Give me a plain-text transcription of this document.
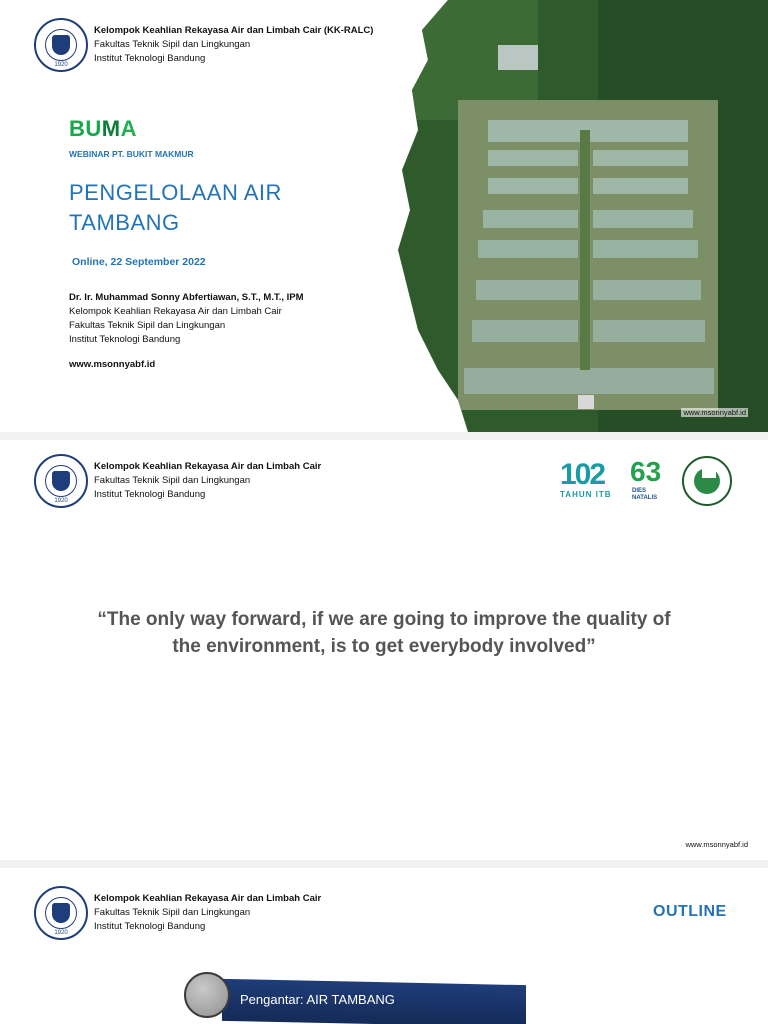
1920
Kelompok Keahlian Rekayasa Air dan Limbah Cair (KK-RALC)
Fakultas Teknik Sipil dan Lingkungan
Institut Teknologi Bandung
BUMA
WEBINAR PT. BUKIT MAKMUR
PENGELOLAAN AIR TAMBANG
Online, 22 September 2022
Dr. Ir. Muhammad Sonny Abfertiawan, S.T., M.T., IPM
Kelompok Keahlian Rekayasa Air dan Limbah Cair
Fakultas Teknik Sipil dan Lingkungan
Institut Teknologi Bandung
www.msonnyabf.id
www.msonnyabf.id
1920
Kelompok Keahlian Rekayasa Air dan Limbah Cair
Fakultas Teknik Sipil dan Lingkungan
Institut Teknologi Bandung
102
TAHUN ITB
63
DIES
NATALIS
“The only way forward, if we are going to improve the quality of the environment, is to get everybody involved”
www.msonnyabf.id
1920
Kelompok Keahlian Rekayasa Air dan Limbah Cair
Fakultas Teknik Sipil dan Lingkungan
Institut Teknologi Bandung
OUTLINE
Pengantar: AIR TAMBANG
